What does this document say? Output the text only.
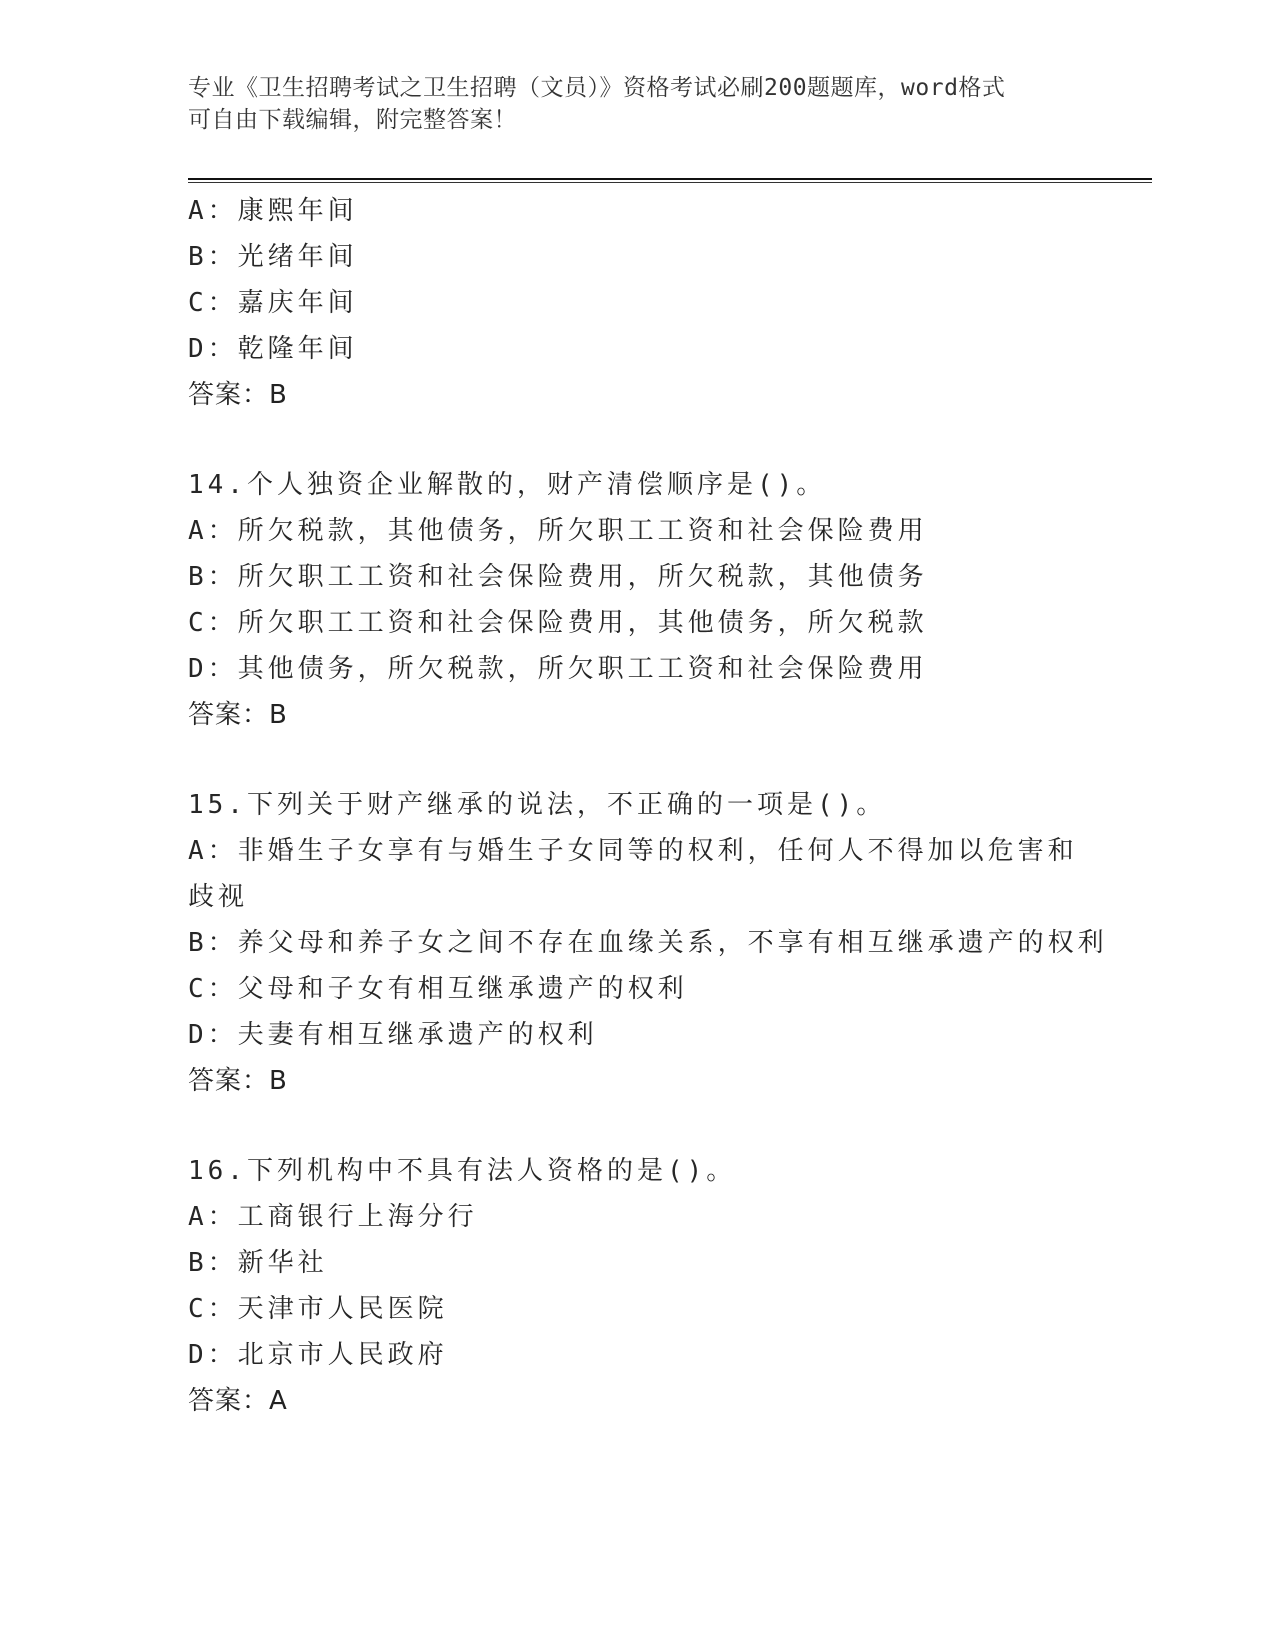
专业《卫生招聘考试之卫生招聘（文员）》资格考试必刷200题题库，word格式
可自由下载编辑，附完整答案！
A：康熙年间
B：光绪年间
C：嘉庆年间
D：乾隆年间
答案：B
14.个人独资企业解散的，财产清偿顺序是()。
A：所欠税款，其他债务，所欠职工工资和社会保险费用
B：所欠职工工资和社会保险费用，所欠税款，其他债务
C：所欠职工工资和社会保险费用，其他债务，所欠税款
D：其他债务，所欠税款，所欠职工工资和社会保险费用
答案：B
15.下列关于财产继承的说法，不正确的一项是()。
A：非婚生子女享有与婚生子女同等的权利，任何人不得加以危害和歧视
B：养父母和养子女之间不存在血缘关系，不享有相互继承遗产的权利
C：父母和子女有相互继承遗产的权利
D：夫妻有相互继承遗产的权利
答案：B
16.下列机构中不具有法人资格的是()。
A：工商银行上海分行
B：新华社
C：天津市人民医院
D：北京市人民政府
答案：A
